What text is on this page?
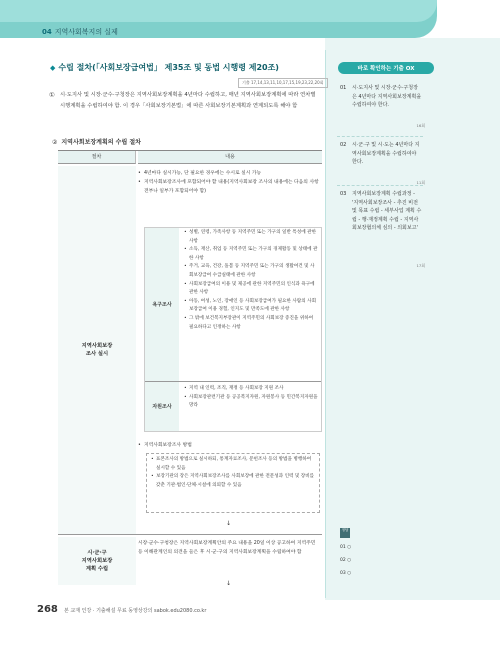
04 지역사회복지의 실제
◆ 수립 절차(「사회보장급여법」 제35조 및 동법 시행령 제20조)
기출 17,14,13,11,10,17,15,19,23,22,20회
① 시·도지사 및 시장·군수·구청장은 지역사회보장계획을 4년마다 수립하고, 매년 지역사회보장계획에 따라 연차별 시행계획을 수립하여야 함. 이 경우「사회보장기본법」에 따른 사회보장기본계획과 연계되도록 해야 함
② 지역사회보장계획의 수립 절차
절차	내용
지역사회보장
조사 실시
• 4년마다 실시가능, 단 필요한 경우에는 수시로 실시 가능
• 지역사회보장조사에 포함되어야 할 내용(지역사회보장 조사의 내용에는 다음의 사항 전부나 일부가 포함되어야 함)
욕구조사
• 성별, 연령, 가족사항 등 지역주민 또는 가구의 일반 특성에 관한 사항
• 소득, 재산, 취업 등 지역주민 또는 가구의 경제활동 및 상태에 관한 사항
• 주거, 교육, 건강, 돌봄 등 지역주민 또는 가구의 생활여건 및 사회보장급여 수급실태에 관한 사항
• 사회보장급여의 이용 및 제공에 관한 지역주민의 인식과 욕구에 관한 사항
• 아동, 여성, 노인, 장애인 등 사회보장급여가 필요한 사람의 사회보장급여 이용 경험, 인지도 및 만족도에 관한 사항
• 그 밖에 보건복지부장관이 지역주민의 사회보장 증진을 위하여 필요하다고 인정하는 사항
자원조사
• 지역 내 인력, 조직, 재정 등 사회보장 지원 조사
• 사회보장관련기관 등 공공복지자원, 자원봉사 등 민간복지자원을 망라
• 지역사회보장조사 방법
• 표본조사의 방법으로 실시하되, 통계자료조사, 문헌조사 등의 방법을 병행하여 실시할 수 있음
• 보장기관의 장은 지역사회보장조사를 사회보장에 관한 전문성과 인력 및 장비를 갖춘 기관·법인·단체·시설에 의뢰할 수 있음
↓
시·군·구
지역사회보장
계획 수립
시장·군수·구청장은 지역사회보장계획안의 주요 내용을 20일 이상 공고하여 지역주민 등 이해관계인의 의견을 들은 후 시·군·구의 지역사회보장계획을 수립하여야 함
↓
바로 확인하는 기출 OX
01 시·도지사 및 시장·군수·구청장은 4년마다 지역사회보장계획을 수립하여야 한다.
16회
02 시·군·구 및 시·도는 4년마다 지역사회보장계획을 수립하여야 한다.
11회
03 지역사회보장계획 수립과정 - '지역사회보장조사 - 추진 비전 및 목표 수립 - 세부사업 계획 수립 - 행·재정계획 수립 - 지역사회보장협의체 심의 - 의회보고'
17회
정답
01 ○
02 ○
03 ○
268 본 교재 인강 · 기출해설 무료 동영상강의 sabok.edu2080.co.kr
